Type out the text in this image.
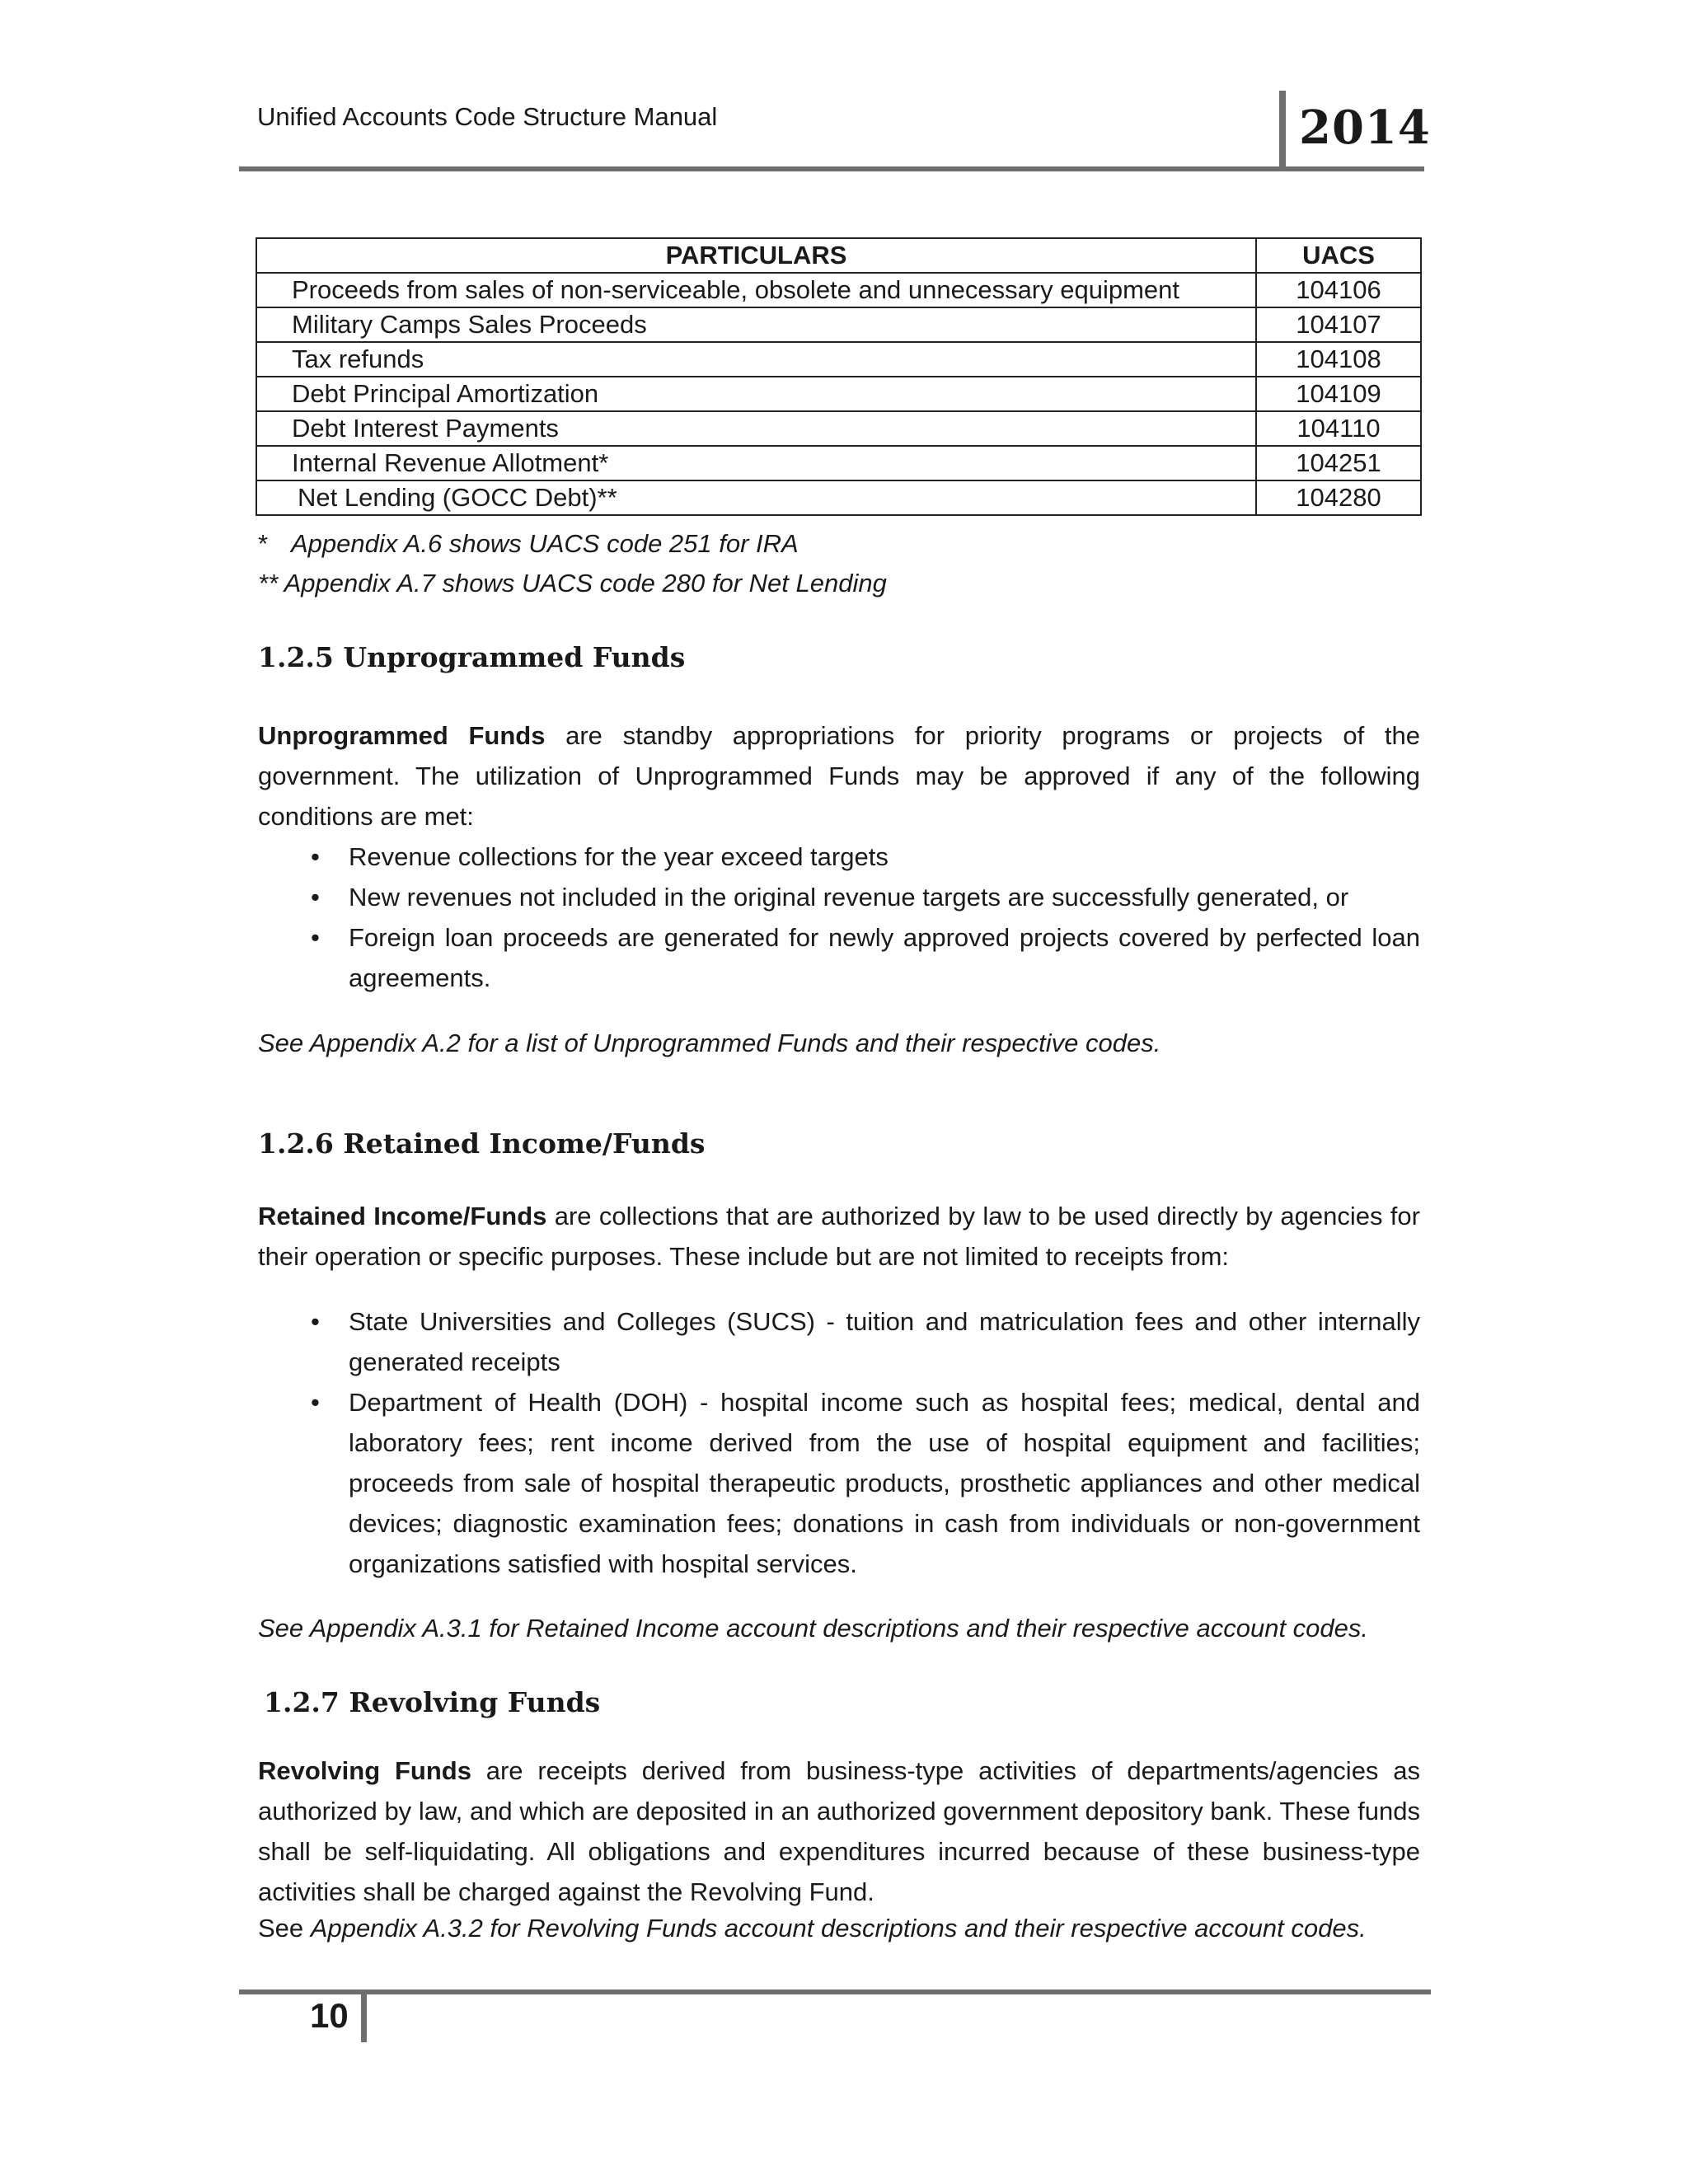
Unified Accounts Code Structure Manual	2014
PARTICULARS	UACS
Proceeds from sales of non-serviceable, obsolete and unnecessary equipment	104106
Military Camps Sales Proceeds	104107
Tax refunds	104108
Debt Principal Amortization	104109
Debt Interest Payments	104110
Internal Revenue Allotment*	104251
Net Lending (GOCC Debt)**	104280
* Appendix A.6 shows UACS code 251 for IRA
** Appendix A.7 shows UACS code 280 for Net Lending
1.2.5 Unprogrammed Funds
Unprogrammed Funds are standby appropriations for priority programs or projects of the government. The utilization of Unprogrammed Funds may be approved if any of the following conditions are met:
• Revenue collections for the year exceed targets
• New revenues not included in the original revenue targets are successfully generated, or
• Foreign loan proceeds are generated for newly approved projects covered by perfected loan agreements.
See Appendix A.2 for a list of Unprogrammed Funds and their respective codes.
1.2.6 Retained Income/Funds
Retained Income/Funds are collections that are authorized by law to be used directly by agencies for their operation or specific purposes. These include but are not limited to receipts from:
• State Universities and Colleges (SUCS) - tuition and matriculation fees and other internally generated receipts
• Department of Health (DOH) - hospital income such as hospital fees; medical, dental and laboratory fees; rent income derived from the use of hospital equipment and facilities; proceeds from sale of hospital therapeutic products, prosthetic appliances and other medical devices; diagnostic examination fees; donations in cash from individuals or non-government organizations satisfied with hospital services.
See Appendix A.3.1 for Retained Income account descriptions and their respective account codes.
1.2.7 Revolving Funds
Revolving Funds are receipts derived from business-type activities of departments/agencies as authorized by law, and which are deposited in an authorized government depository bank. These funds shall be self-liquidating. All obligations and expenditures incurred because of these business-type activities shall be charged against the Revolving Fund.
See Appendix A.3.2 for Revolving Funds account descriptions and their respective account codes.
10
